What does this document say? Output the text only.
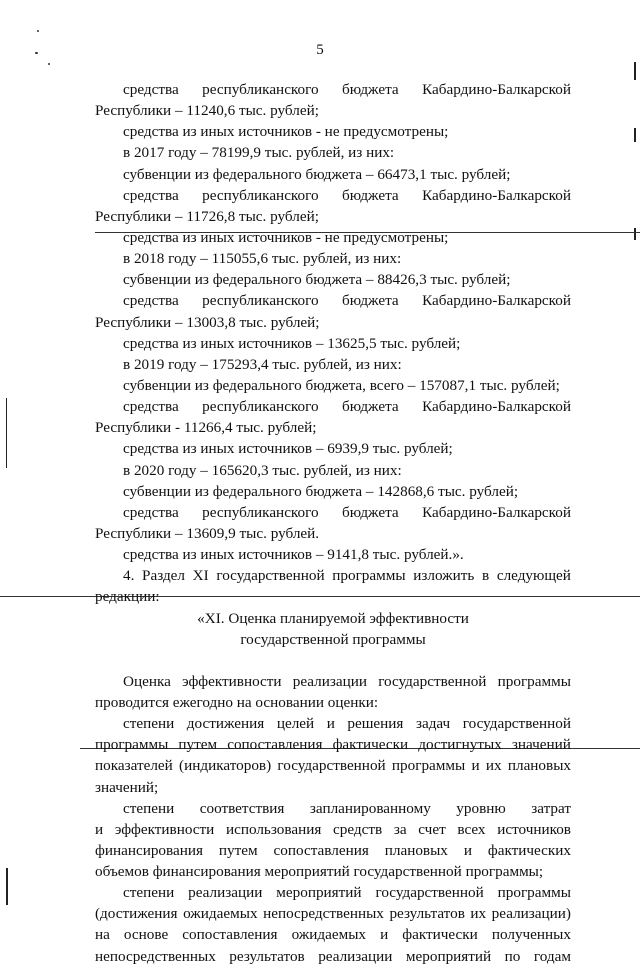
5
средства республиканского бюджета Кабардино-Балкарской
Республики – 11240,6 тыс. рублей;
средства из иных источников - не предусмотрены;
в 2017 году – 78199,9 тыс. рублей, из них:
субвенции из федерального бюджета – 66473,1 тыс. рублей;
средства республиканского бюджета Кабардино-Балкарской
Республики – 11726,8 тыс. рублей;
средства из иных источников - не предусмотрены;
в 2018 году – 115055,6 тыс. рублей, из них:
субвенции из федерального бюджета – 88426,3 тыс. рублей;
средства республиканского бюджета Кабардино-Балкарской
Республики – 13003,8 тыс. рублей;
средства из иных источников – 13625,5 тыс. рублей;
в 2019 году – 175293,4 тыс. рублей, из них:
субвенции из федерального бюджета, всего – 157087,1 тыс. рублей;
средства республиканского бюджета Кабардино-Балкарской
Республики - 11266,4 тыс. рублей;
средства из иных источников – 6939,9 тыс. рублей;
в 2020 году – 165620,3 тыс. рублей, из них:
субвенции из федерального бюджета – 142868,6 тыс. рублей;
средства республиканского бюджета Кабардино-Балкарской
Республики – 13609,9 тыс. рублей.
средства из иных источников – 9141,8 тыс. рублей.».
4. Раздел XI государственной программы изложить в следующей
редакции:
«XI. Оценка планируемой эффективности
государственной программы
Оценка эффективности реализации государственной программы
проводится ежегодно на основании оценки:
степени достижения целей и решения задач государственной
программы путем сопоставления фактически достигнутых значений
показателей (индикаторов) государственной программы и их плановых
значений;
степени соответствия запланированному уровню затрат
и эффективности использования средств за счет всех источников
финансирования путем сопоставления плановых и фактических
объемов финансирования мероприятий государственной программы;
степени реализации мероприятий государственной программы
(достижения ожидаемых непосредственных результатов их реализации)
на основе сопоставления ожидаемых и фактически полученных
непосредственных результатов реализации мероприятий по годам
